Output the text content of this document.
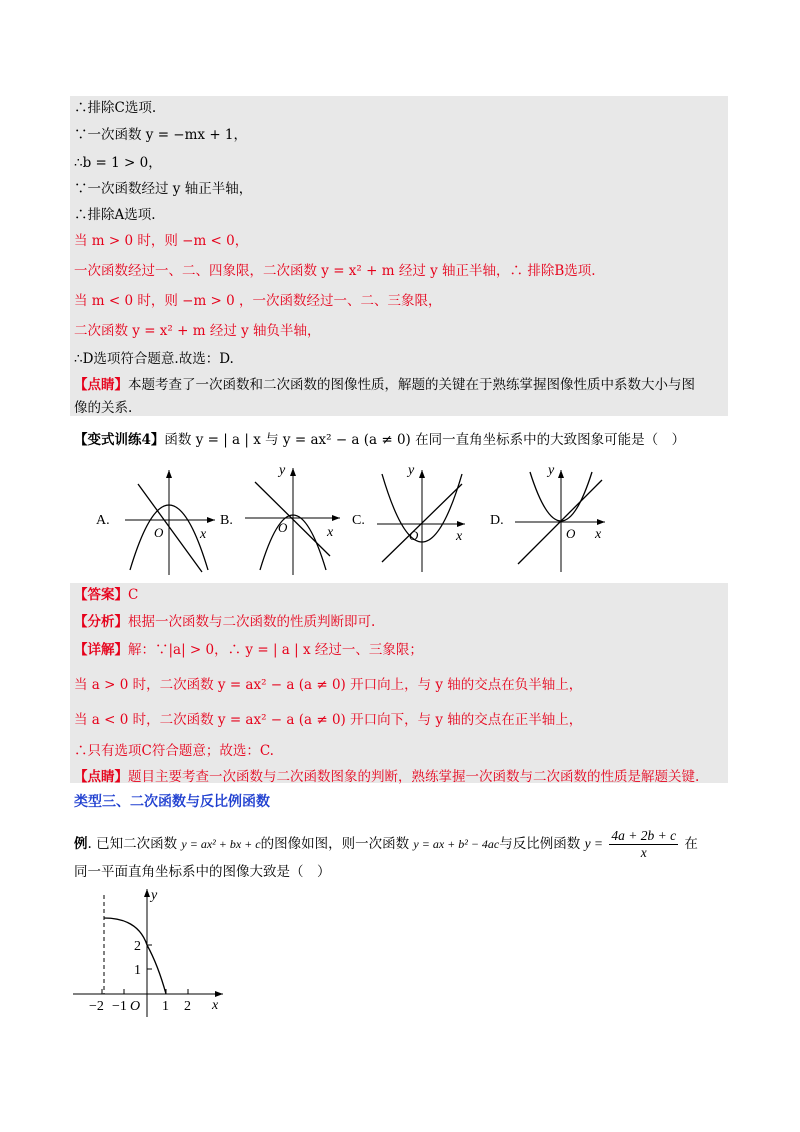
∴排除C选项.
∵一次函数 y = −mx + 1，
∴b = 1 > 0，
∵一次函数经过 y 轴正半轴，
∴排除A选项.
当 m > 0 时，则 −m < 0，
一次函数经过一、二、四象限，二次函数 y = x² + m 经过 y 轴正半轴，∴ 排除B选项.
当 m < 0 时，则 −m > 0 ，一次函数经过一、二、三象限，
二次函数 y = x² + m 经过 y 轴负半轴，
∴D选项符合题意.故选：D.
【点睛】本题考查了一次函数和二次函数的图像性质，解题的关键在于熟练掌握图像性质中系数大小与图
像的关系.
【变式训练4】函数 y = | a | x 与 y = ax² − a (a ≠ 0) 在同一直角坐标系中的大致图象可能是（　）
A.
x
O
B.
y
x
O	C.
y
x
O
D.
y
x
O
【答案】C
【分析】根据一次函数与二次函数的性质判断即可.
【详解】解：∵|a| > 0，∴ y = | a | x 经过一、三象限；
当 a > 0 时，二次函数 y = ax² − a (a ≠ 0) 开口向上，与 y 轴的交点在负半轴上，
当 a < 0 时，二次函数 y = ax² − a (a ≠ 0) 开口向下，与 y 轴的交点在正半轴上，
∴只有选项C符合题意；故选：C.
【点睛】题目主要考查一次函数与二次函数图象的判断，熟练掌握一次函数与二次函数的性质是解题关键.
类型三、二次函数与反比例函数
例. 已知二次函数 y = ax² + bx + c的图像如图，则一次函数 y = ax + b² − 4ac与反比例函数 $y = \frac{4a + 2b + c}{x}$ 在
同一平面直角坐标系中的图像大致是（　）
y
x
−2 −1 O 1 2
1
2
